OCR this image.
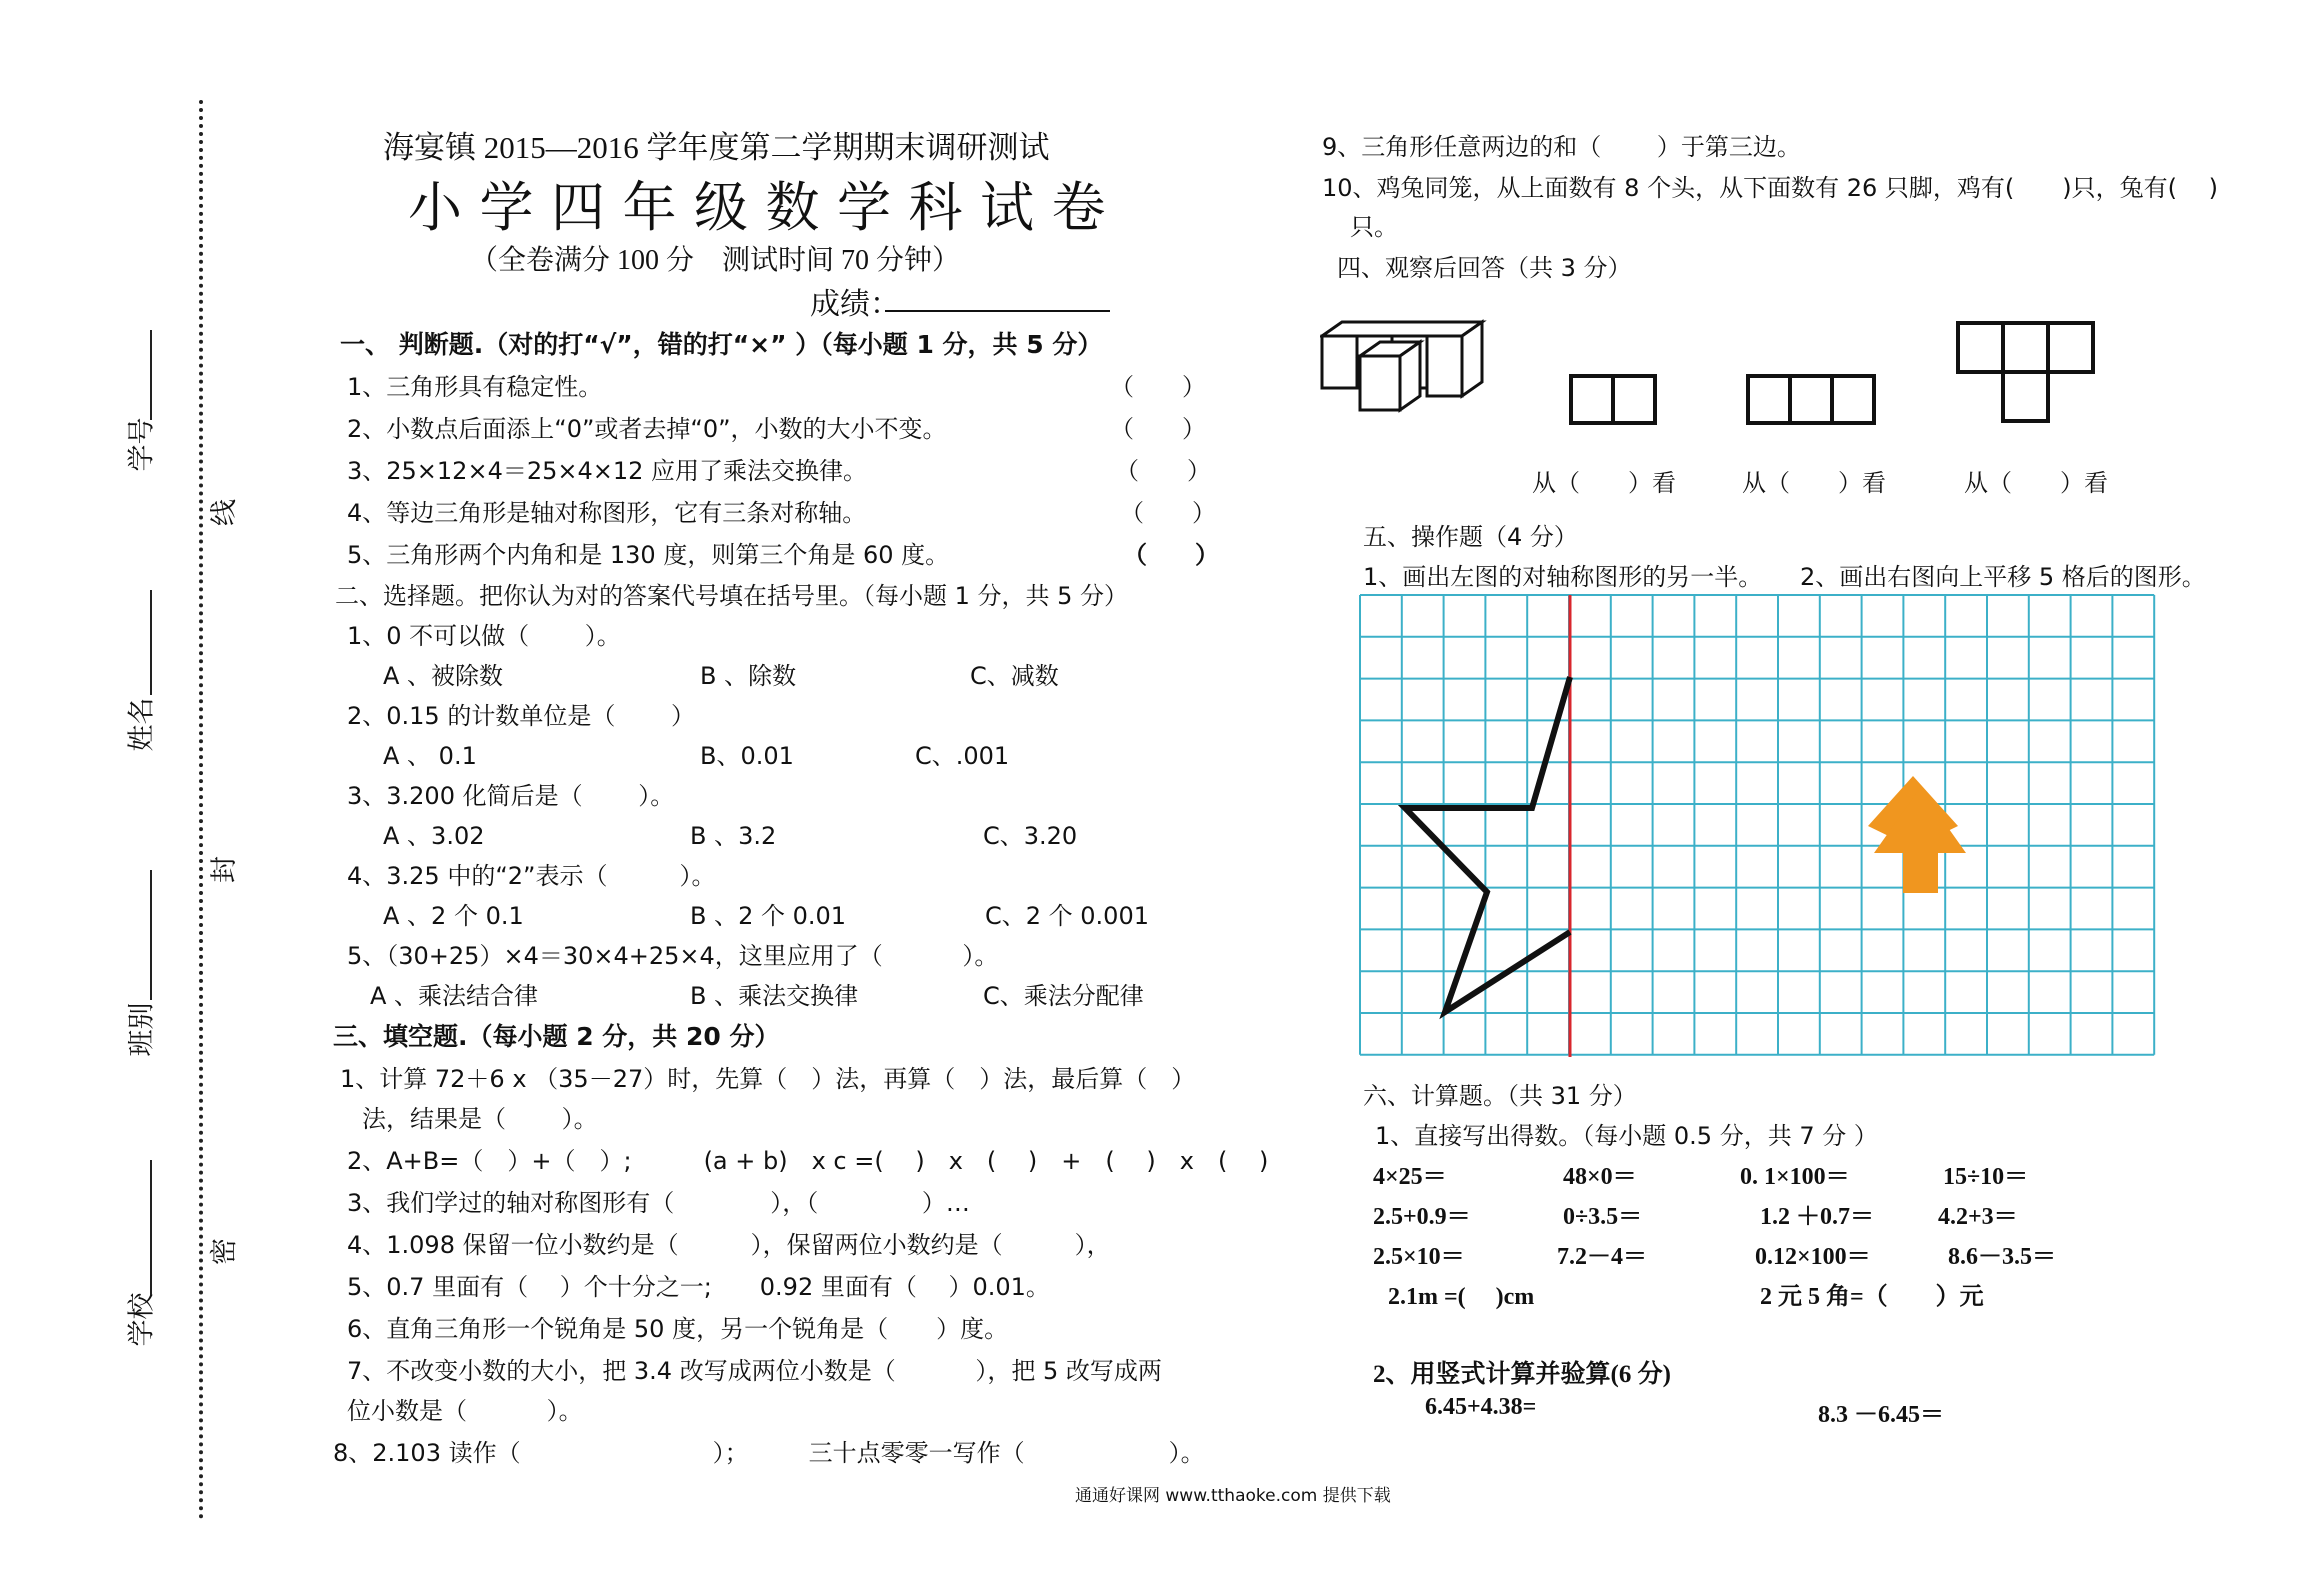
学号
姓名
班别
学校
线
封
密
海宴镇 2015—2016 学年度第二学期期末调研测试
小 学 四 年 级 数 学 科 试 卷
（全卷满分 100 分　测试时间 70 分钟）
成绩：
一、 判断题.（对的打“√”，错的打“×” ）（每小题 1 分，共 5 分）
1、三角形具有稳定性。	（　　）
2、小数点后面添上“0”或者去掉“0”，小数的大小不变。	（　　）
3、25×12×4＝25×4×12 应用了乘法交换律。	（　　）
4、等边三角形是轴对称图形，它有三条对称轴。	（　　）
5、三角形两个内角和是 130 度，则第三个角是 60 度。	（　　）
二、选择题。把你认为对的答案代号填在括号里。（每小题 1 分，共 5 分）
1、0 不可以做（　　 ）。
A 、被除数	B 、除数	C、减数
2、0.15 的计数单位是（　　 ）
A 、 0.1	B、0.01	C、.001
3、3.200 化简后是（　　 ）。
A 、3.02	B 、3.2	C、3.20
4、3.25 中的“2”表示（　　　）。
A 、2 个 0.1	B 、2 个 0.01	C、2 个 0.001
5、（30+25）×4＝30×4+25×4，这里应用了（　　　 ）。
A 、乘法结合律	B 、乘法交换律	C、乘法分配律
三、填空题.（每小题 2 分，共 20 分）
1、计算 72＋6 x （35－27）时，先算（　）法，再算（　）法，最后算（　）
法，结果是（　　 ）。
2、A+B=（　）+（　）;　　　(a + b)　x c =(　 )　x　(　 )　+　(　 )　x　(　 )
3、我们学过的轴对称图形有（　　　　），（　　　　 ）…
4、1.098 保留一位小数约是（　　　），保留两位小数约是（　　　），
5、0.7 里面有（　 ）个十分之一;　　0.92 里面有（　 ）0.01。
6、直角三角形一个锐角是 50 度，另一个锐角是（　　）度。
7、不改变小数的大小，把 3.4 改写成两位小数是（　　　 ），把 5 改写成两
位小数是（　　　 ）。
8、2.103 读作（　　　　　　　　）；　　　三十点零零一写作（　　　　　　）。
9、三角形任意两边的和（　　 ）于第三边。
10、鸡兔同笼，从上面数有 8 个头，从下面数有 26 只脚，鸡有(　　)只，兔有(　 )
只。
四、观察后回答（共 3 分）
从（　　）看	从（　　）看	从（　　）看
五、操作题（4 分）
1、画出左图的对轴称图形的另一半。 2、画出右图向上平移 5 格后的图形。
六、计算题。（共 31 分）
1、直接写出得数。（每小题 0.5 分，共 7 分 ）
4×25＝	48×0＝	0. 1×100＝	15÷10＝
2.5+0.9＝	0÷3.5＝	1.2 ＋0.7＝	4.2+3＝
2.5×10＝	7.2－4＝	0.12×100＝	8.6－3.5＝
2.1m =(　 )cm	2 元 5 角=（　　）元
2、用竖式计算并验算(6 分)
6.45+4.38=	8.3 －6.45＝
通通好课网 www.tthaoke.com 提供下载
